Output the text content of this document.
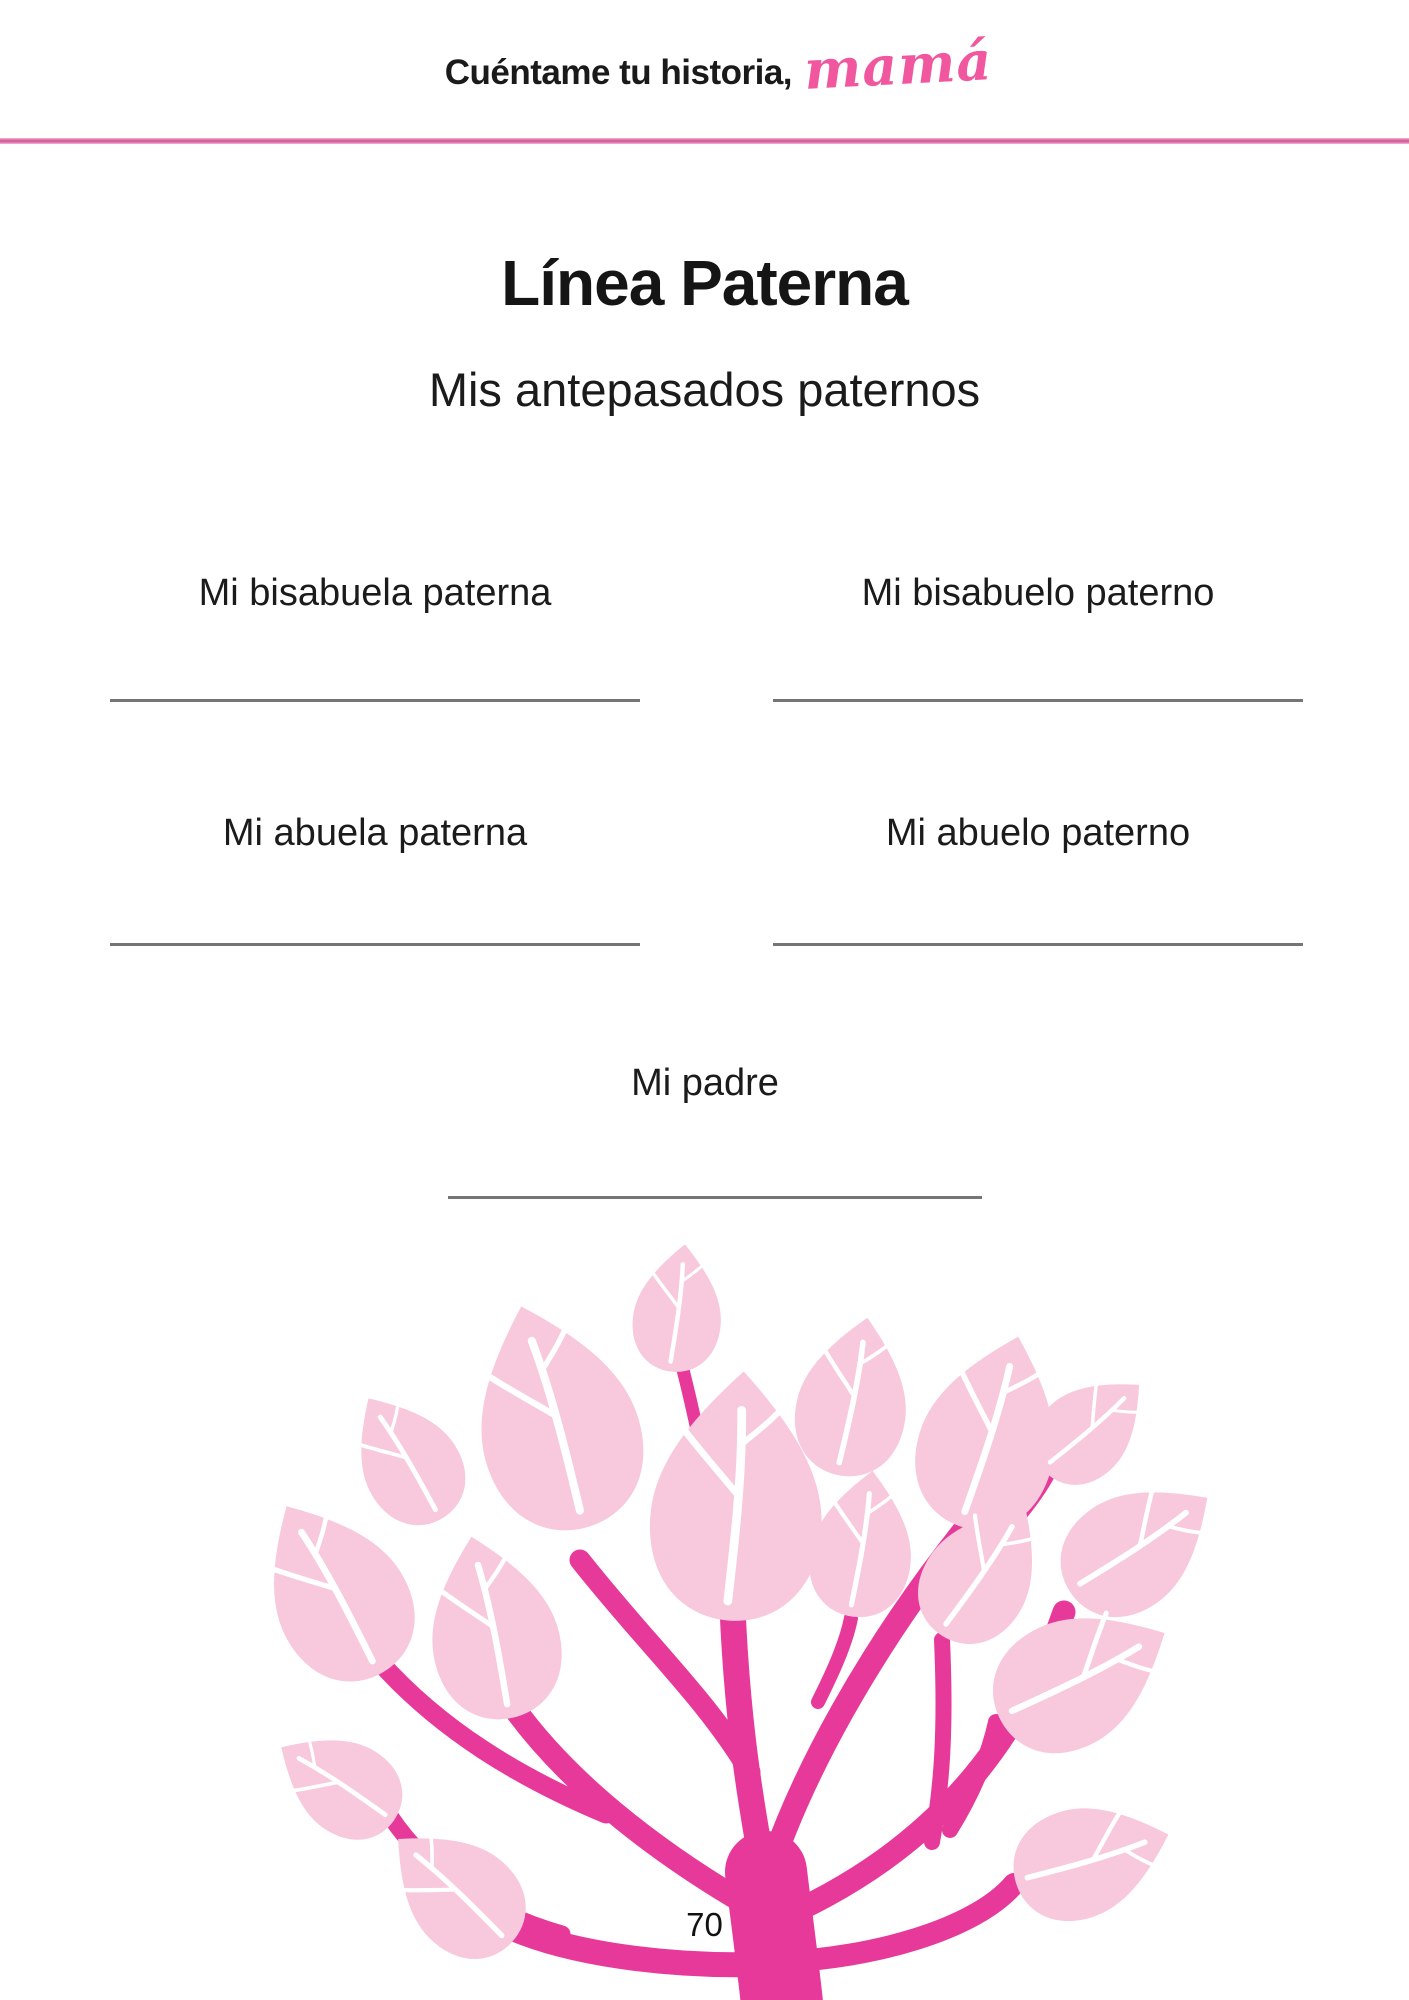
Cuéntame tu historia, mamá
Línea Paterna
Mis antepasados paternos
Mi bisabuela paterna	Mi bisabuelo paterno
Mi abuela paterna	Mi abuelo paterno
Mi padre
70
